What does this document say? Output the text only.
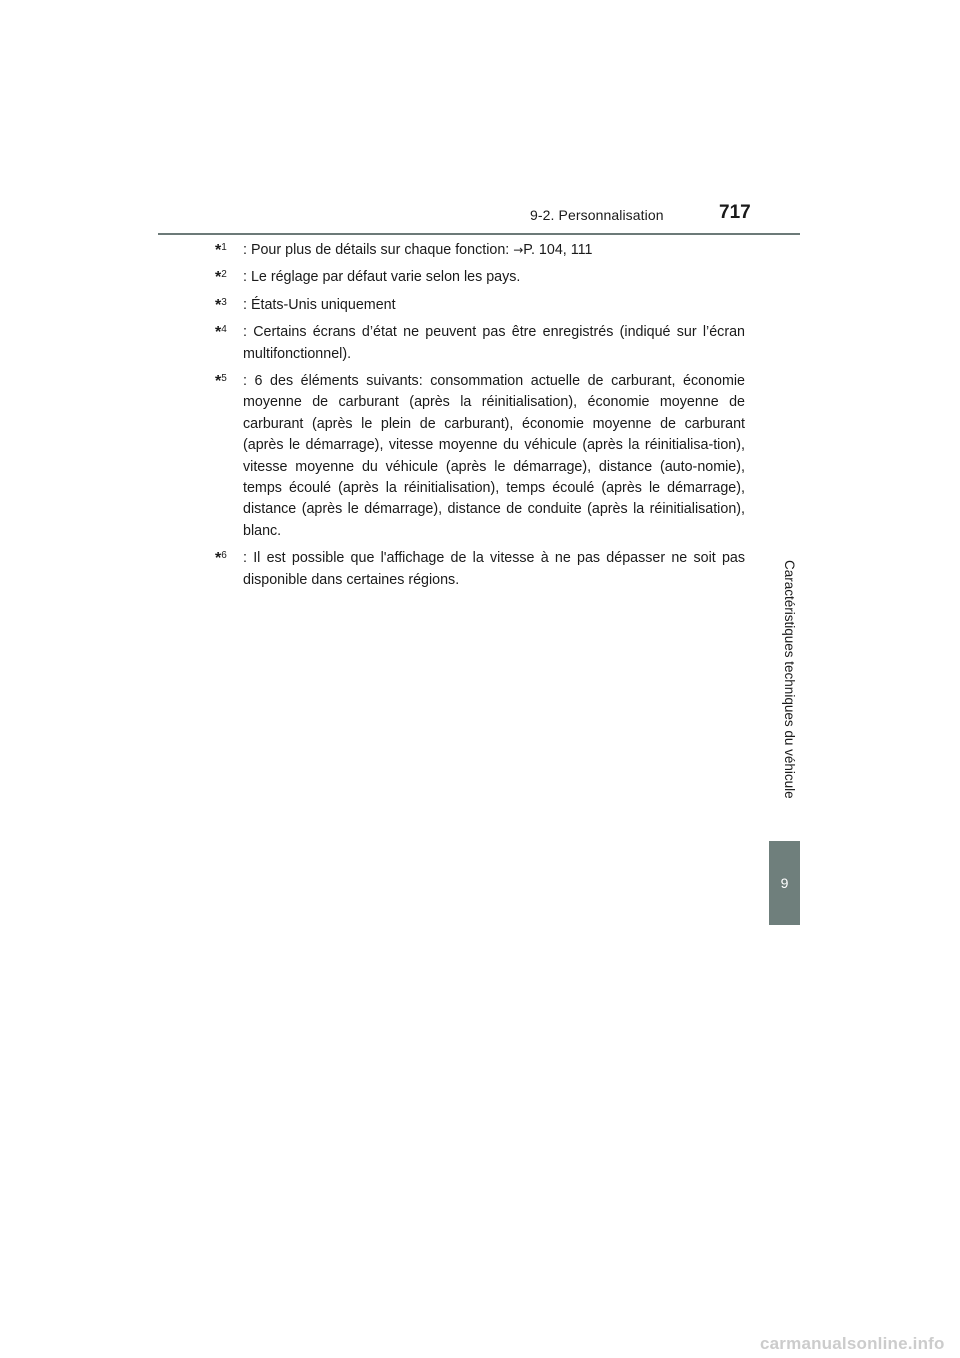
9-2. Personnalisation	717
*$^1$ : Pour plus de détails sur chaque fonction: →P. 104, 111
*$^2$ : Le réglage par défaut varie selon les pays.
*$^3$ : États-Unis uniquement
*$^4$ : Certains écrans d’état ne peuvent pas être enregistrés (indiqué sur l’écran multifonctionnel).
*$^5$ : 6 des éléments suivants: consommation actuelle de carburant, économie moyenne de carburant (après la réinitialisation), économie moyenne de carburant (après le plein de carburant), économie moyenne de carburant (après le démarrage), vitesse moyenne du véhicule (après la réinitialisa-tion), vitesse moyenne du véhicule (après le démarrage), distance (auto-nomie), temps écoulé (après la réinitialisation), temps écoulé (après le démarrage), distance (après le démarrage), distance de conduite (après la réinitialisation), blanc.
*$^6$ : Il est possible que l'affichage de la vitesse à ne pas dépasser ne soit pas disponible dans certaines régions.	Caractéristiques techniques du véhicule
9
carmanualsonline.info
